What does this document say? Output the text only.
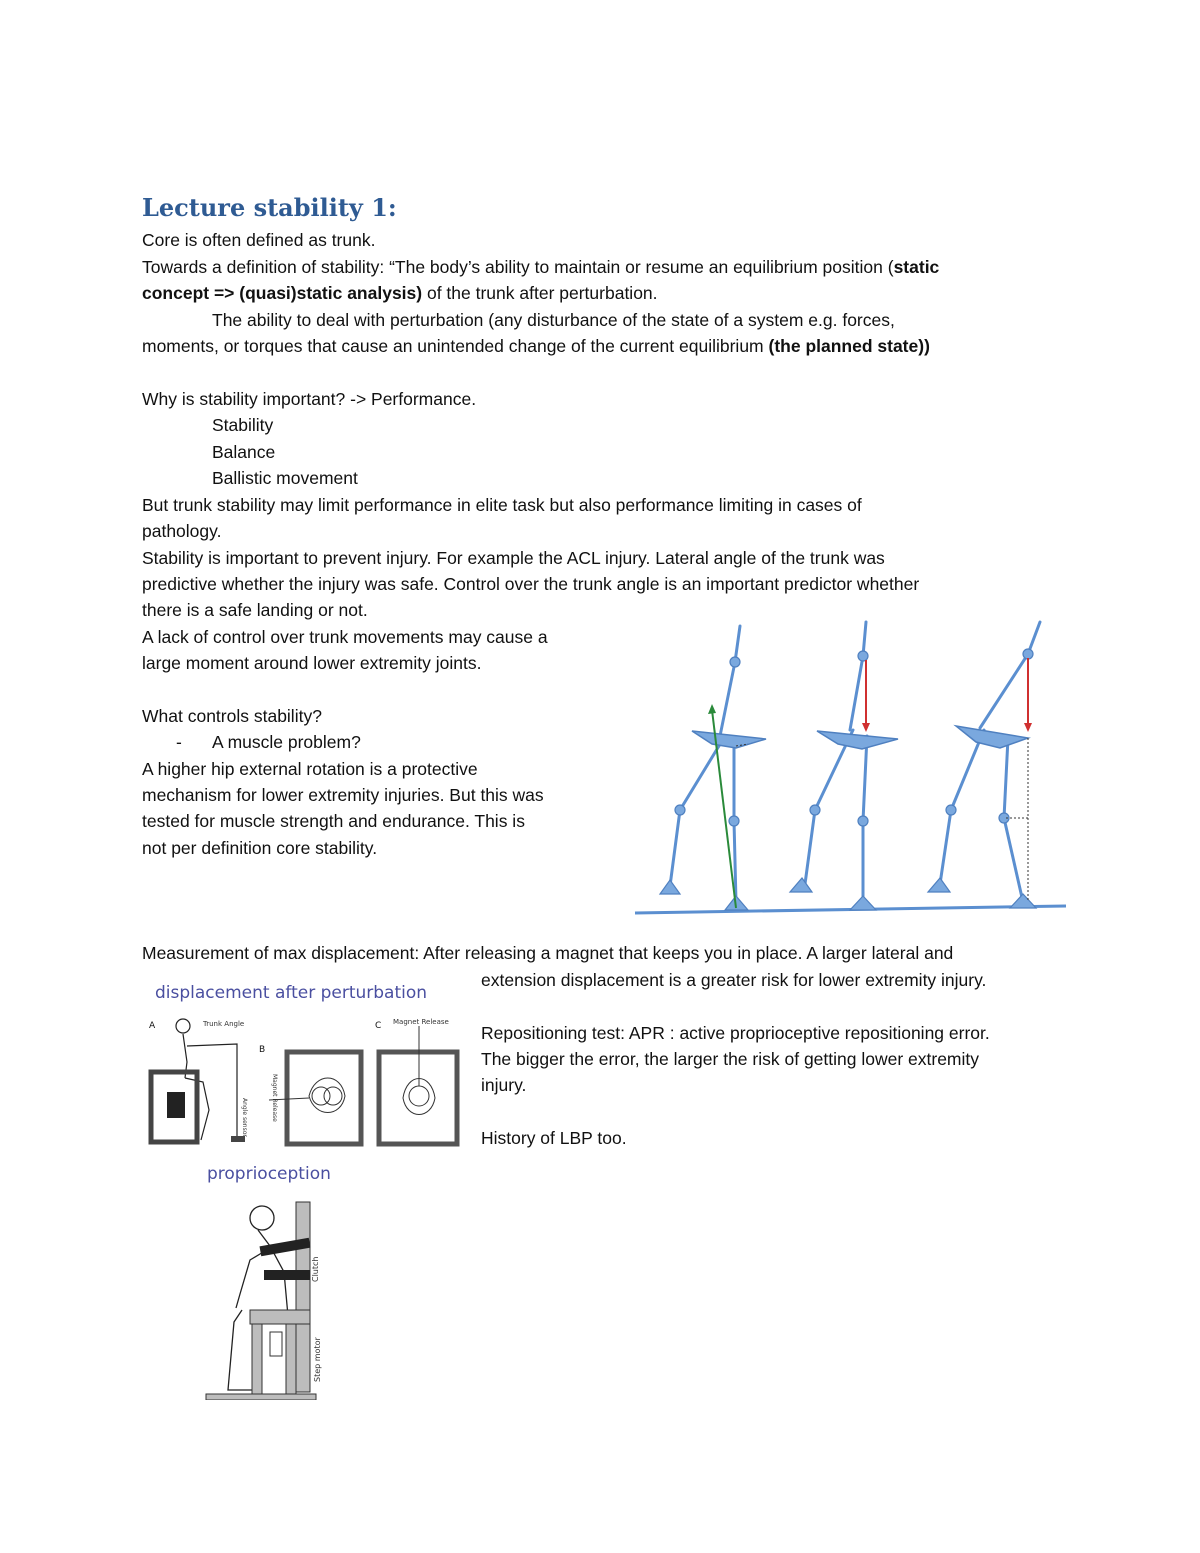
Lecture stability 1:
Core is often defined as trunk.
Towards a definition of stability: “The body’s ability to maintain or resume an equilibrium position (static
concept => (quasi)static analysis) of the trunk after perturbation.
The ability to deal with perturbation (any disturbance of the state of a system e.g. forces,
moments, or torques that cause an unintended change of the current equilibrium (the planned state))
Why is stability important? -> Performance.
Stability
Balance
Ballistic movement
But trunk stability may limit performance in elite task but also performance limiting in cases of
pathology.
Stability is important to prevent injury. For example the ACL injury. Lateral angle of the trunk was
predictive whether the injury was safe. Control over the trunk angle is an important predictor whether
there is a safe landing or not.
A lack of control over trunk movements may cause a
large moment around lower extremity joints.
What controls stability?
- A muscle problem?
A higher hip external rotation is a protective
mechanism for lower extremity injuries. But this was
tested for muscle strength and endurance. This is
not per definition core stability.
Measurement of max displacement: After releasing a magnet that keeps you in place. A larger lateral and
extension displacement is a greater risk for lower extremity injury.
Repositioning test: APR : active proprioceptive repositioning error.
The bigger the error, the larger the risk of getting lower extremity
injury.
History of LBP too.
displacement after perturbation
A
B
C
Trunk Angle
Angle sensor	Magnet Release
Magnet Release
proprioception
Clutch
Step motor
